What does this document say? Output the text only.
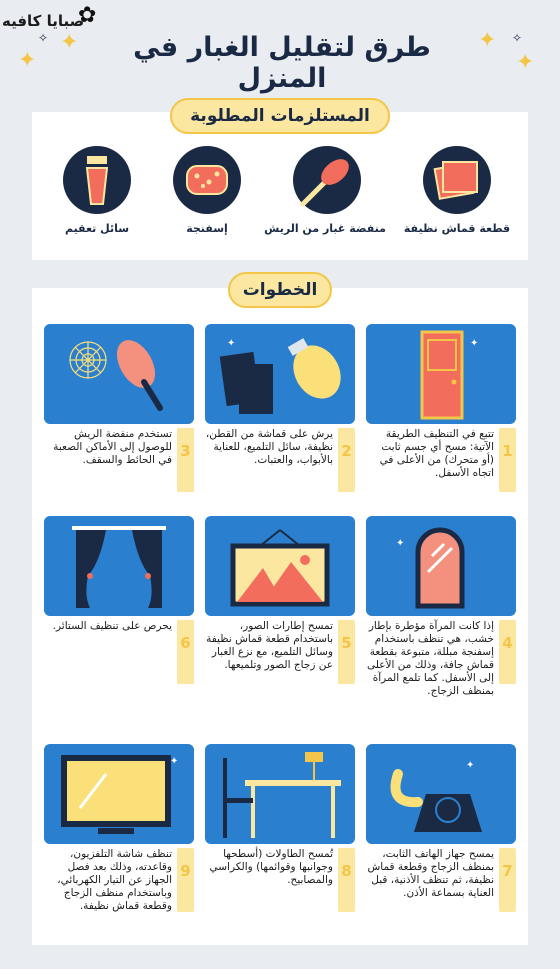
✿
صبايا كافيه
✦
✦
✧	✦
✦
✧
طرق لتقليل الغبار في المنزل
المستلزمات المطلوبة
قطعة قماش نظيفة
منفضة غبار من الريش
إسفنجة
سائل تعقيم
الخطوات
✦
1
تتبع في التنظيف الطريقة الآتية: مسح أي جسم ثابت (أو متحرك) من الأعلى في اتجاه الأسفل.
✦
2
يرش على قماشة من القطن، نظيفة، سائل التلميع، للعناية بالأبواب، والعتبات.
3
تستخدم منفضة الريش للوصول إلى الأماكن الصعبة في الحائط والسقف.
✦
4
إذا كانت المرآة مؤطرة بإطار خشب، هي تنظف باستخدام إسفنجة مبللة، متبوعة بقطعة قماش جافة، وذلك من الأعلى إلى الأسفل. كما تلمع المرآة بمنظف الزجاج.
5
تمسح إطارات الصور، باستخدام قطعة قماش نظيفة وسائل التلميع، مع نزع الغبار عن زجاج الصور وتلميعها.
6
يحرص على تنظيف الستائر.
✦
7
يمسح جهاز الهاتف الثابت، بمنظف الزجاج وقطعة قماش نظيفة، ثم تنظف الأذنية، قبل العناية بسماعة الأذن.
8
تُمسح الطاولات (أسطحها وجوانبها وقوائمها) والكراسي والمصابيح.
✦
9
تنظف شاشة التلفزيون، وقاعدته، وذلك بعد فصل الجهاز عن التيار الكهربائي، وباستخدام منظف الزجاج وقطعة قماش نظيفة.
